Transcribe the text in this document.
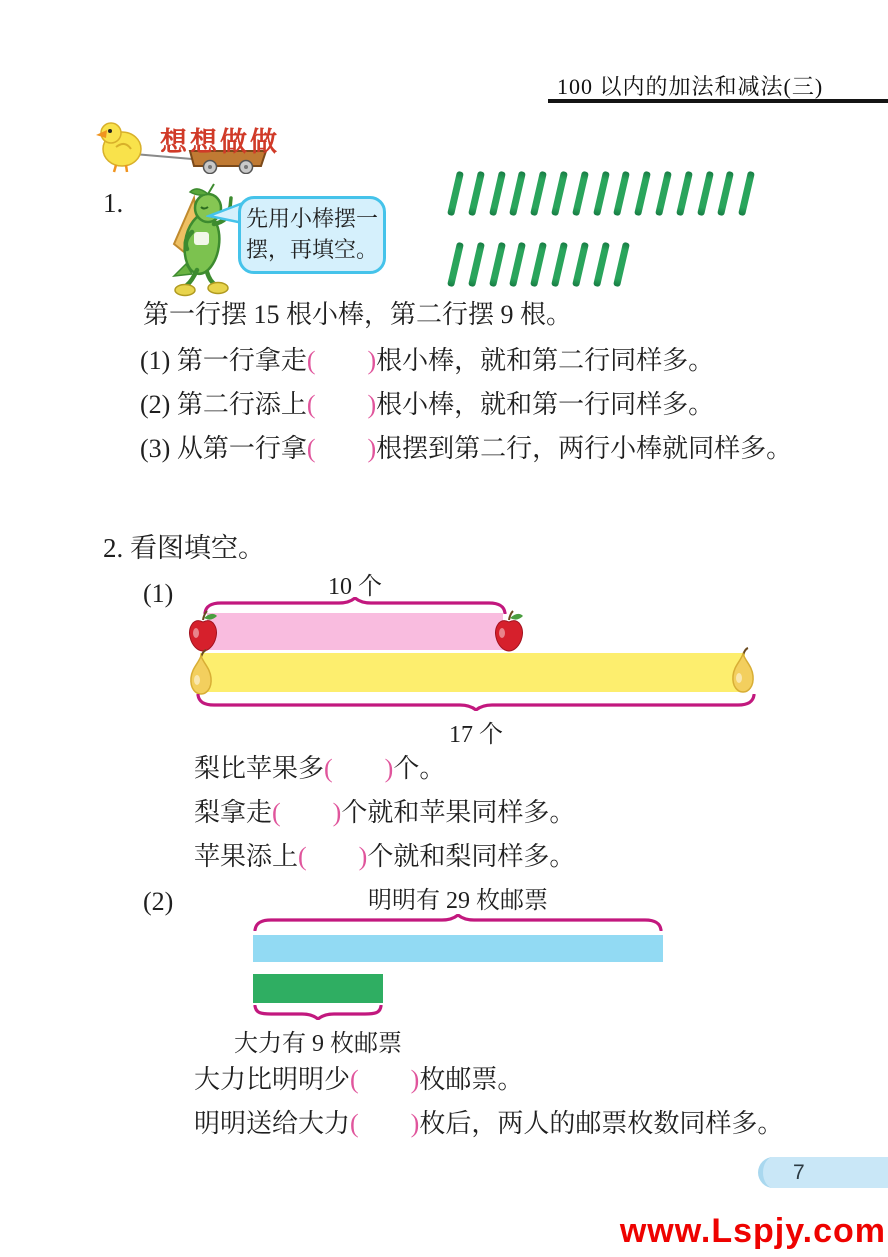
100 以内的加法和减法(三)
想想做做
1.
先用小棒摆一
摆，再填空。
第一行摆 15 根小棒，第二行摆 9 根。
(1) 第一行拿走(　　)根小棒，就和第二行同样多。
(2) 第二行添上(　　)根小棒，就和第一行同样多。
(3) 从第一行拿(　　)根摆到第二行，两行小棒就同样多。
2. 看图填空。
(1)	10 个
17 个
梨比苹果多(　　)个。
梨拿走(　　)个就和苹果同样多。
苹果添上(　　)个就和梨同样多。
(2)	明明有 29 枚邮票
大力有 9 枚邮票
大力比明明少(　　)枚邮票。
明明送给大力(　　)枚后，两人的邮票枚数同样多。
7
www.Lspjy.com
